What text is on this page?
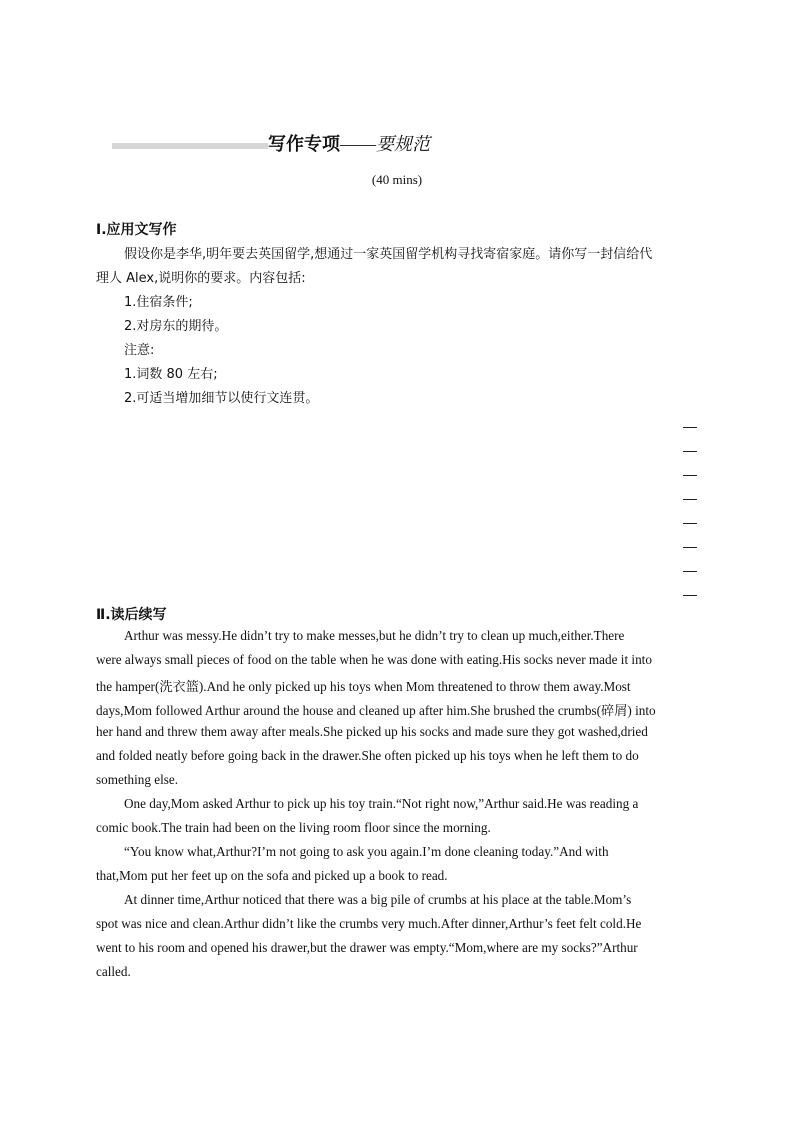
写作专项——要规范
(40 mins)
Ⅰ.应用文写作
假设你是李华,明年要去英国留学,想通过一家英国留学机构寻找寄宿家庭。请你写一封信给代
理人 Alex,说明你的要求。内容包括:
1.住宿条件;
2.对房东的期待。
注意:
1.词数 80 左右;
2.可适当增加细节以使行文连贯。
Ⅱ.读后续写
Arthur was messy.He didn’t try to make messes,but he didn’t try to clean up much,either.There
were always small pieces of food on the table when he was done with eating.His socks never made it into
the hamper(洗衣篮).And he only picked up his toys when Mom threatened to throw them away.Most
days,Mom followed Arthur around the house and cleaned up after him.She brushed the crumbs(碎屑) into
her hand and threw them away after meals.She picked up his socks and made sure they got washed,dried
and folded neatly before going back in the drawer.She often picked up his toys when he left them to do
something else.
One day,Mom asked Arthur to pick up his toy train.“Not right now,”Arthur said.He was reading a
comic book.The train had been on the living room floor since the morning.
“You know what,Arthur?I’m not going to ask you again.I’m done cleaning today.”And with
that,Mom put her feet up on the sofa and picked up a book to read.
At dinner time,Arthur noticed that there was a big pile of crumbs at his place at the table.Mom’s
spot was nice and clean.Arthur didn’t like the crumbs very much.After dinner,Arthur’s feet felt cold.He
went to his room and opened his drawer,but the drawer was empty.“Mom,where are my socks?”Arthur
called.
